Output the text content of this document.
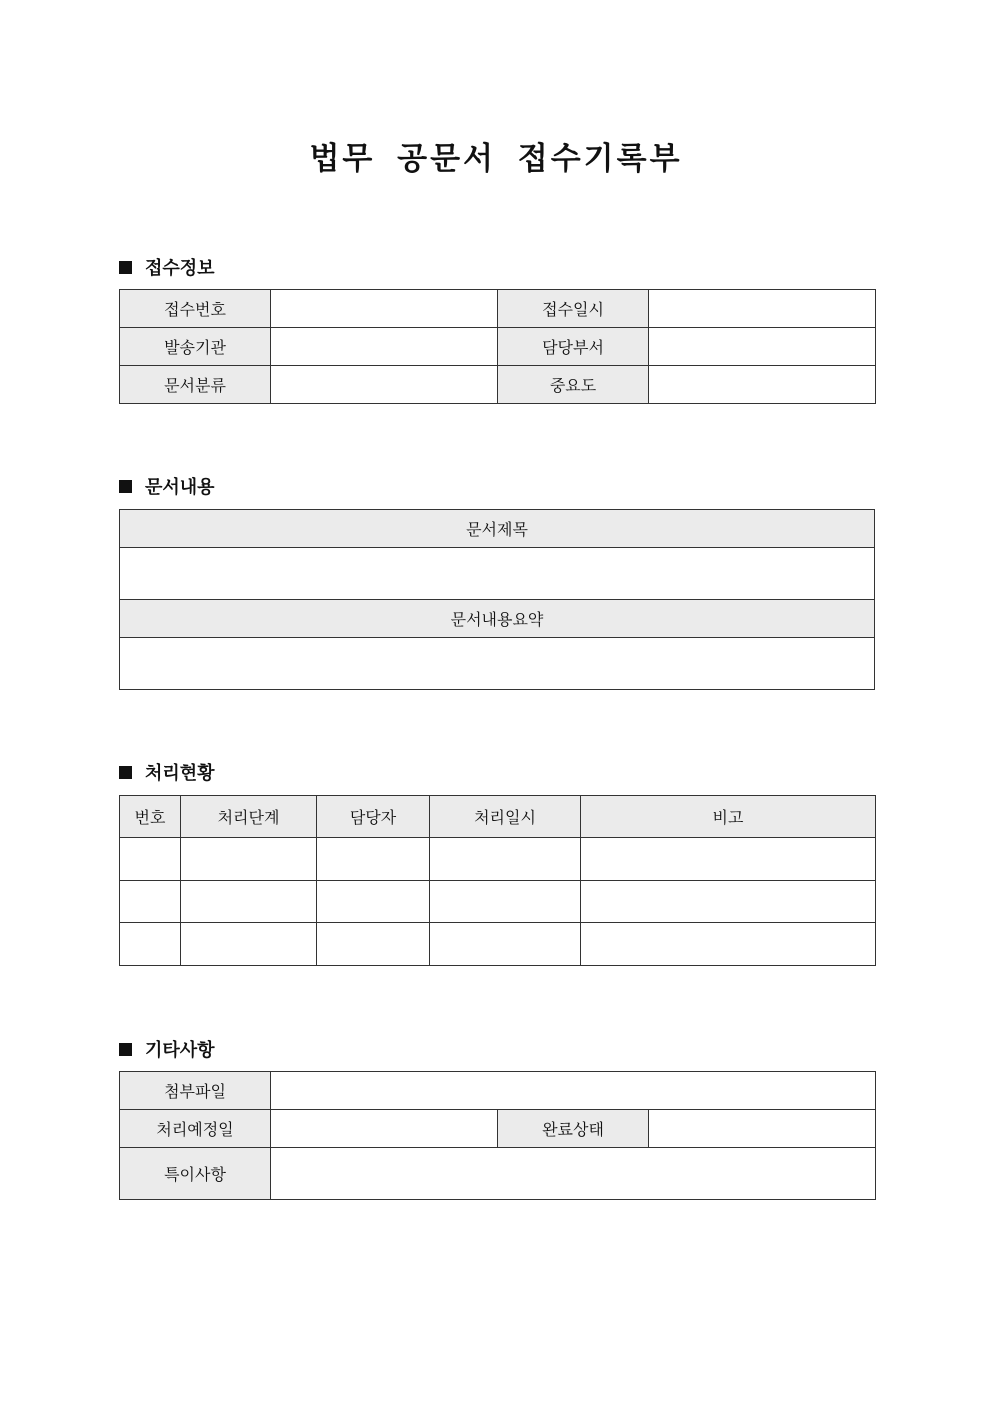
법무 공문서 접수기록부
접수정보
접수번호		접수일시	
발송기관		담당부서	
문서분류		중요도	
문서내용
문서제목

문서내용요약

처리현황
번호	처리단계	담당자	처리일시	비고

기타사항
첨부파일			
처리예정일		완료상태	
특이사항			
